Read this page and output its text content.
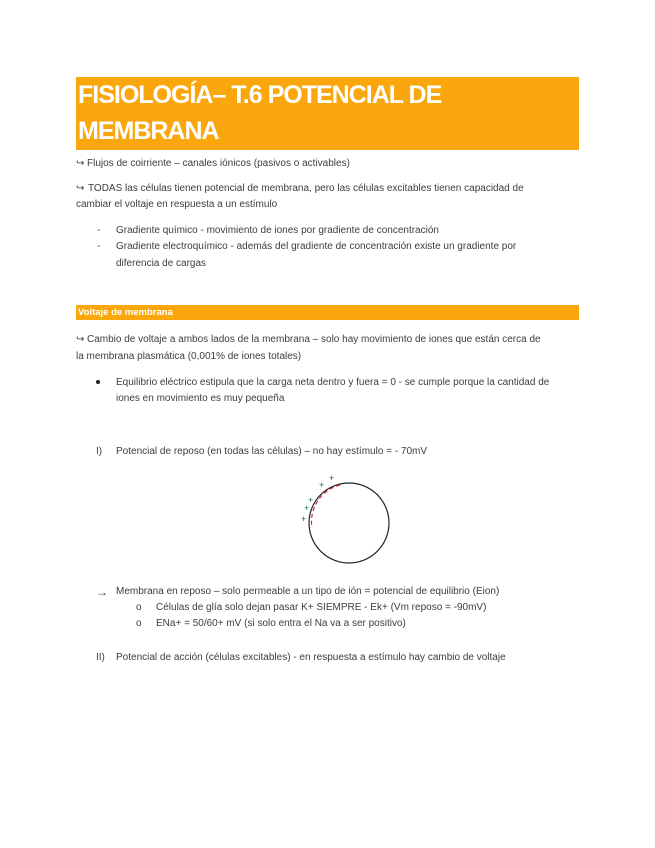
FISIOLOGÍA– T.6 POTENCIAL DE
MEMBRANA
↪ Flujos de coirriente – canales iónicos (pasivos o activables)
↪ TODAS las células tienen potencial de membrana, pero las células excitables tienen capacidad de
cambiar el voltaje en respuesta a un estímulo
- Gradiente químico - movimiento de iones por gradiente de concentración
- Gradiente electroquímico - además del gradiente de concentración existe un gradiente por
diferencia de cargas
Voltaje de membrana
↪ Cambio de voltaje a ambos lados de la membrana – solo hay movimiento de iones que están cerca de
la membrana plasmática (0,001% de iones totales)
Equilibrio eléctrico estipula que la carga neta dentro y fuera = 0 - se cumple porque la cantidad de
iones en movimiento es muy pequeña
I) Potencial de reposo (en todas las células) – no hay estímulo = - 70mV
+
+
+
+
+
→ Membrana en reposo – solo permeable a un tipo de ión = potencial de equilibrio (Eion)
o Células de glía solo dejan pasar K+ SIEMPRE - Ek+ (Vm reposo = -90mV)
o ENa+ = 50/60+ mV (si solo entra el Na va a ser positivo)
II) Potencial de acción (células excitables) - en respuesta a estímulo hay cambio de voltaje
